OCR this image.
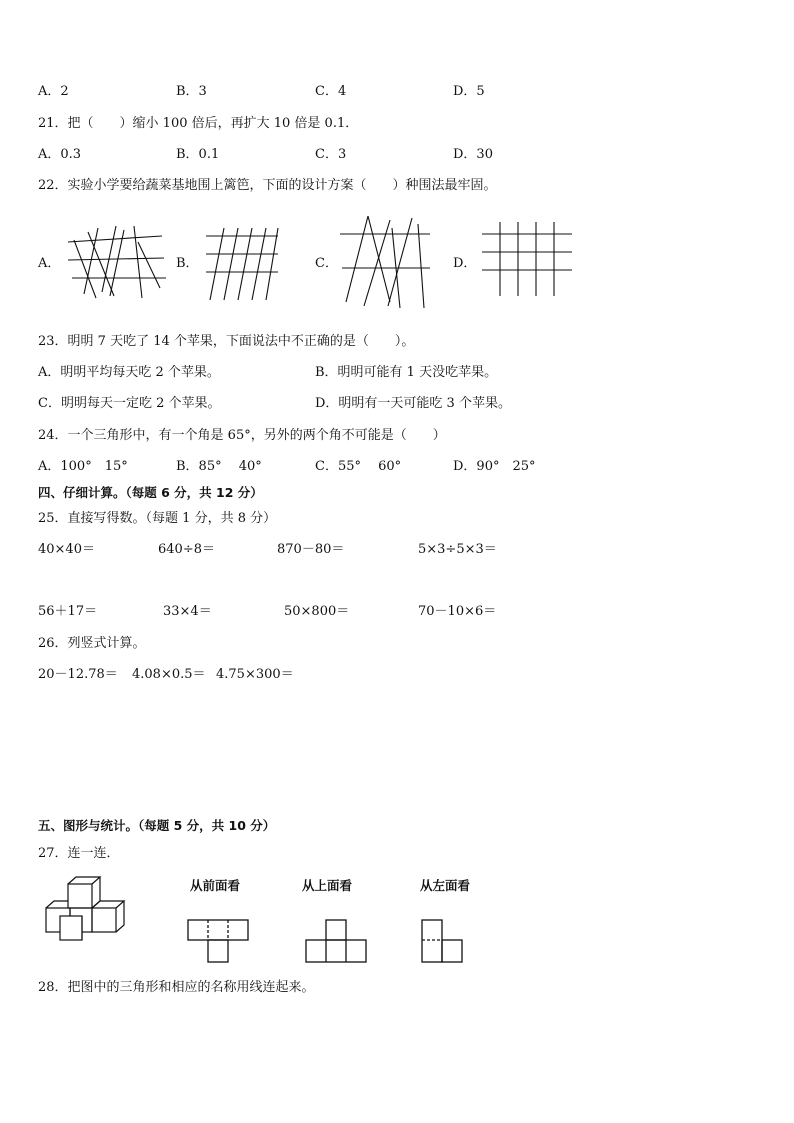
A．2	B．3	C．4	D．5
21．把（　　）缩小 100 倍后，再扩大 10 倍是 0.1．
A．0.3	B．0.1	C．3	D．30
22．实验小学要给蔬菜基地围上篱笆，下面的设计方案（　　）种围法最牢固。
A．	B．	C．	D．
23．明明 7 天吃了 14 个苹果，下面说法中不正确的是（　　）。
A．明明平均每天吃 2 个苹果。	B．明明可能有 1 天没吃苹果。
C．明明每天一定吃 2 个苹果。	D．明明有一天可能吃 3 个苹果。
24．一个三角形中，有一个角是 65°，另外的两个角不可能是（　　）
A．100°　15°	B．85°　 40°	C．55°　 60°	D．90°　25°
四、仔细计算。（每题 6 分，共 12 分）
25．直接写得数。（每题 1 分，共 8 分）
40×40＝	640÷8＝	870－80＝	5×3÷5×3＝
56＋17＝	33×4＝	50×800＝	70－10×6＝
26．列竖式计算。
20－12.78＝ 4.08×0.5＝ 4.75×300＝
五、图形与统计。（每题 5 分，共 10 分）
27．连一连．
从前面看	从上面看	从左面看
28．把图中的三角形和相应的名称用线连起来。
